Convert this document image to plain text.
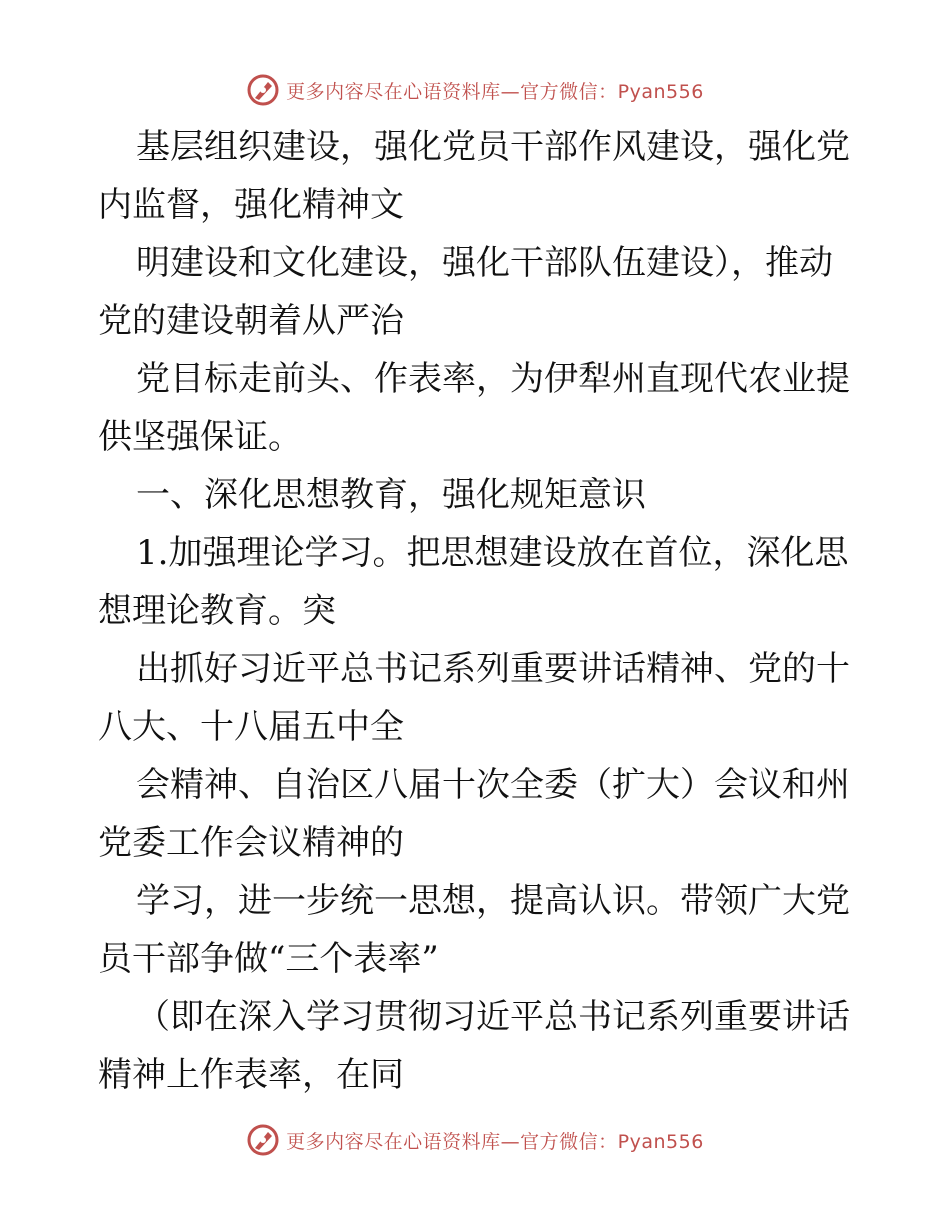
更多内容尽在心语资料库—官方微信：Pyan556
基层组织建设，强化党员干部作风建设，强化党
内监督，强化精神文
明建设和文化建设，强化干部队伍建设），推动
党的建设朝着从严治
党目标走前头、作表率，为伊犁州直现代农业提
供坚强保证。
一、深化思想教育，强化规矩意识
1.加强理论学习。把思想建设放在首位，深化思
想理论教育。突
出抓好习近平总书记系列重要讲话精神、党的十
八大、十八届五中全
会精神、自治区八届十次全委（扩大）会议和州
党委工作会议精神的
学习，进一步统一思想，提高认识。带领广大党
员干部争做“三个表率”
（即在深入学习贯彻习近平总书记系列重要讲话
精神上作表率，在同
更多内容尽在心语资料库—官方微信：Pyan556
